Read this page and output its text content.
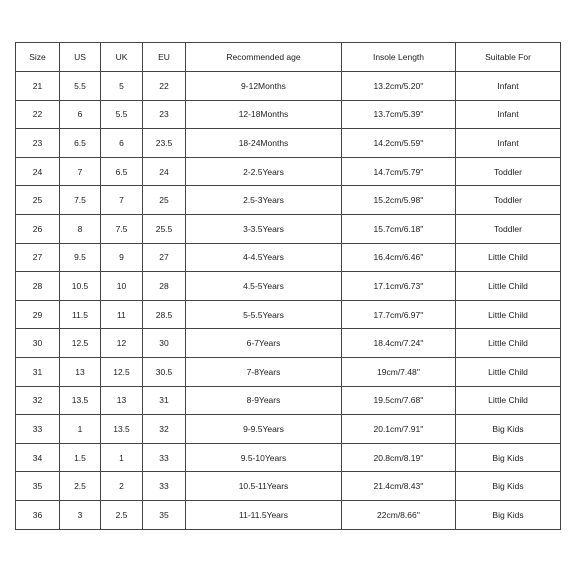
Size	US	UK	EU	Recommended age	Insole Length	Suitable For
21	5.5	5	22	9-12Months	13.2cm/5.20''	Infant
22	6	5.5	23	12-18Months	13.7cm/5.39''	Infant
23	6.5	6	23.5	18-24Months	14.2cm/5.59''	Infant
24	7	6.5	24	2-2.5Years	14.7cm/5.79''	Toddler
25	7.5	7	25	2.5-3Years	15.2cm/5.98''	Toddler
26	8	7.5	25.5	3-3.5Years	15.7cm/6.18''	Toddler
27	9.5	9	27	4-4.5Years	16.4cm/6.46''	Little Child
28	10.5	10	28	4.5-5Years	17.1cm/6.73''	Little Child
29	11.5	11	28.5	5-5.5Years	17.7cm/6.97''	Little Child
30	12.5	12	30	6-7Years	18.4cm/7.24''	Little Child
31	13	12.5	30.5	7-8Years	19cm/7.48''	Little Child
32	13.5	13	31	8-9Years	19.5cm/7.68''	Little Child
33	1	13.5	32	9-9.5Years	20.1cm/7.91''	Big Kids
34	1.5	1	33	9.5-10Years	20.8cm/8.19''	Big Kids
35	2.5	2	33	10.5-11Years	21.4cm/8.43''	Big Kids
36	3	2.5	35	11-11.5Years	22cm/8.66''	Big Kids
